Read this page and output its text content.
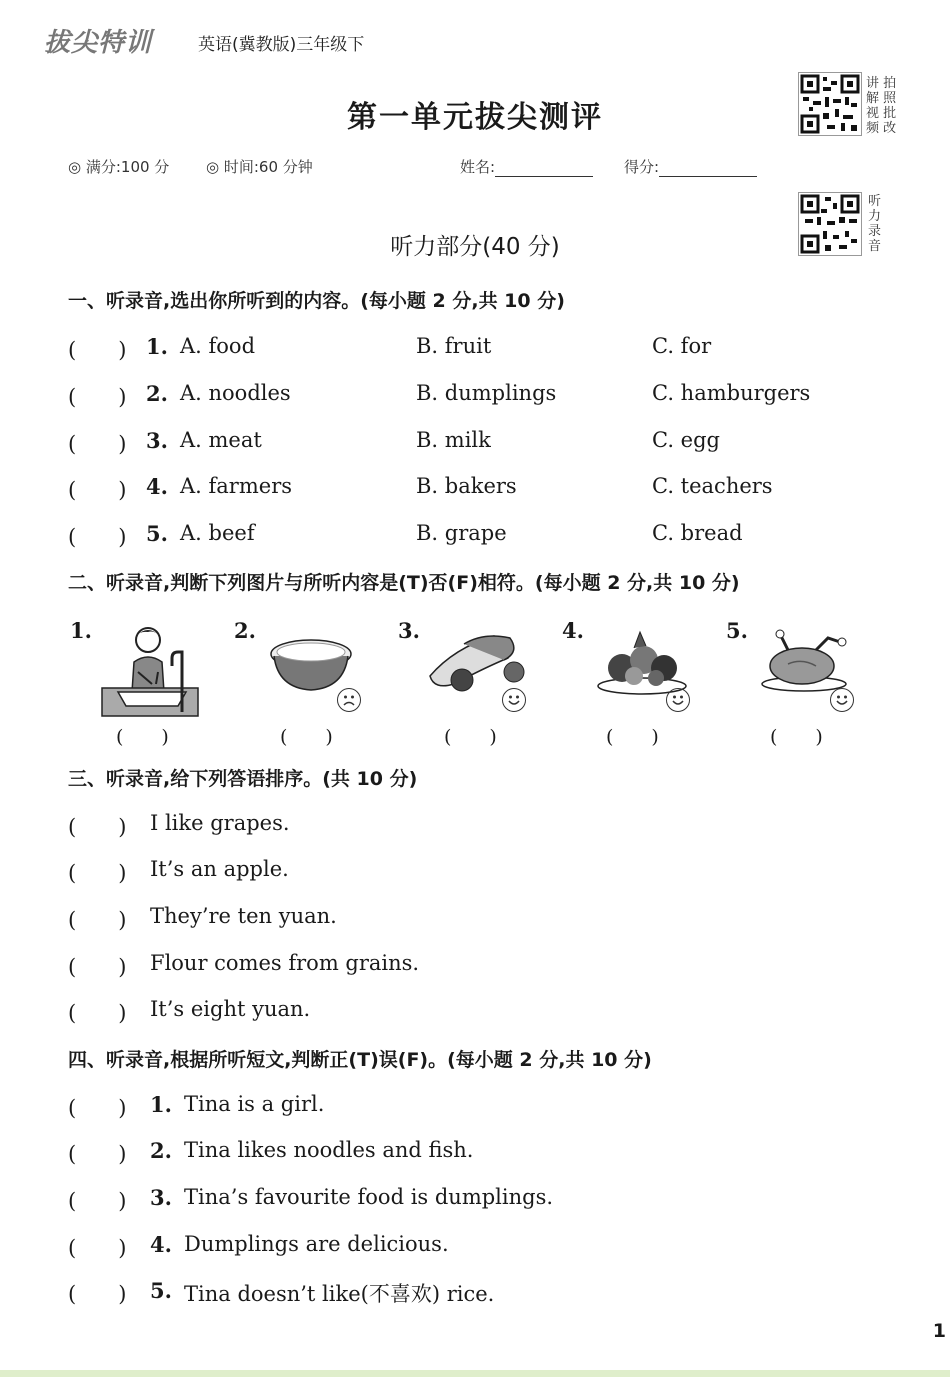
拔尖特训	英语(冀教版)三年级下
第一单元拔尖测评
讲 拍
解 照
视 批
频 改
听
力
录
音
◎ 满分:100 分 ◎ 时间:60 分钟	姓名:	得分:
听力部分(40 分)
一、听录音,选出你所听到的内容。(每小题 2 分,共 10 分)
(　　) 1. A. food	B. fruit	C. for
(　　) 2. A. noodles	B. dumplings	C. hamburgers
(　　) 3. A. meat	B. milk	C. egg
(　　) 4. A. farmers	B. bakers	C. teachers
(　　) 5. A. beef	B. grape	C. bread
二、听录音,判断下列图片与所听内容是(T)否(F)相符。(每小题 2 分,共 10 分)
1.
(　　)
2.
(　　)
3.
(　　)
4.
(　　)
5.
(　　)
三、听录音,给下列答语排序。(共 10 分)
(　　) I like grapes.
(　　) It’s an apple.
(　　) They’re ten yuan.
(　　) Flour comes from grains.
(　　) It’s eight yuan.
四、听录音,根据所听短文,判断正(T)误(F)。(每小题 2 分,共 10 分)
(　　) 1. Tina is a girl.
(　　) 2. Tina likes noodles and fish.
(　　) 3. Tina’s favourite food is dumplings.
(　　) 4. Dumplings are delicious.
(　　) 5. Tina doesn’t like(不喜欢) rice.
1
